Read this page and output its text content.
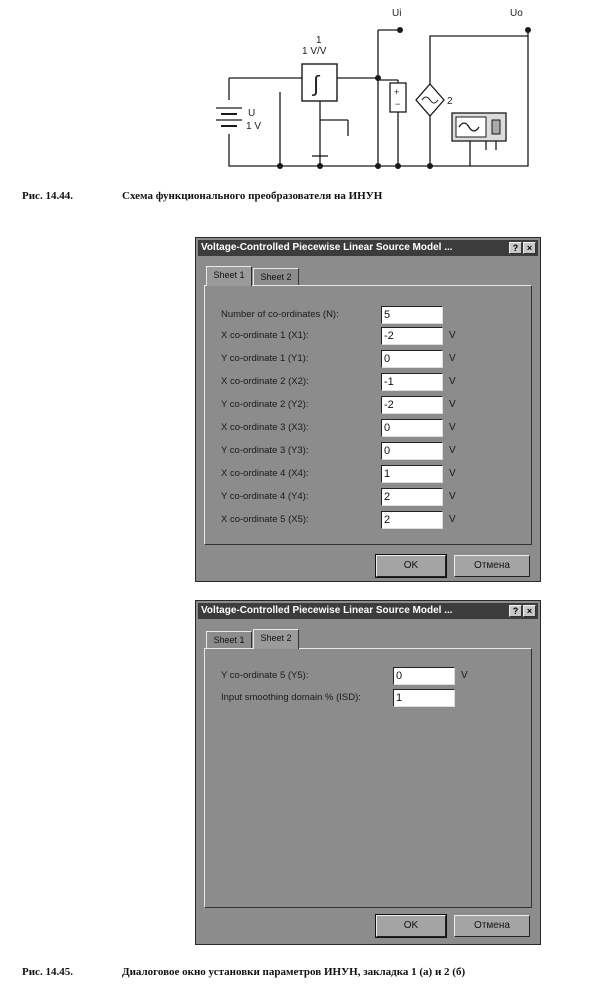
U
1 V
∫
1
1 V/V
+
−	2
Ui	Uo
Рис. 14.44.	Схема функционального преобразователя на ИНУН
Voltage-Controlled Piecewise Linear Source Model ...	? ×
Sheet 1	Sheet 2
Number of co-ordinates (N):	5
X co-ordinate 1 (X1):	-2	V
Y co-ordinate 1 (Y1):	0	V
X co-ordinate 2 (X2):	-1	V
Y co-ordinate 2 (Y2):	-2	V
X co-ordinate 3 (X3):	0	V
Y co-ordinate 3 (Y3):	0	V
X co-ordinate 4 (X4):	1	V
Y co-ordinate 4 (Y4):	2	V
X co-ordinate 5 (X5):	2	V
OK	Отмена
Voltage-Controlled Piecewise Linear Source Model ...	? ×
Sheet 1	Sheet 2
Y co-ordinate 5 (Y5):	0	V
Input smoothing domain % (ISD):	1
OK	Отмена
Рис. 14.45.	Диалоговое окно установки параметров ИНУН, закладка 1 (а) и 2 (б)
